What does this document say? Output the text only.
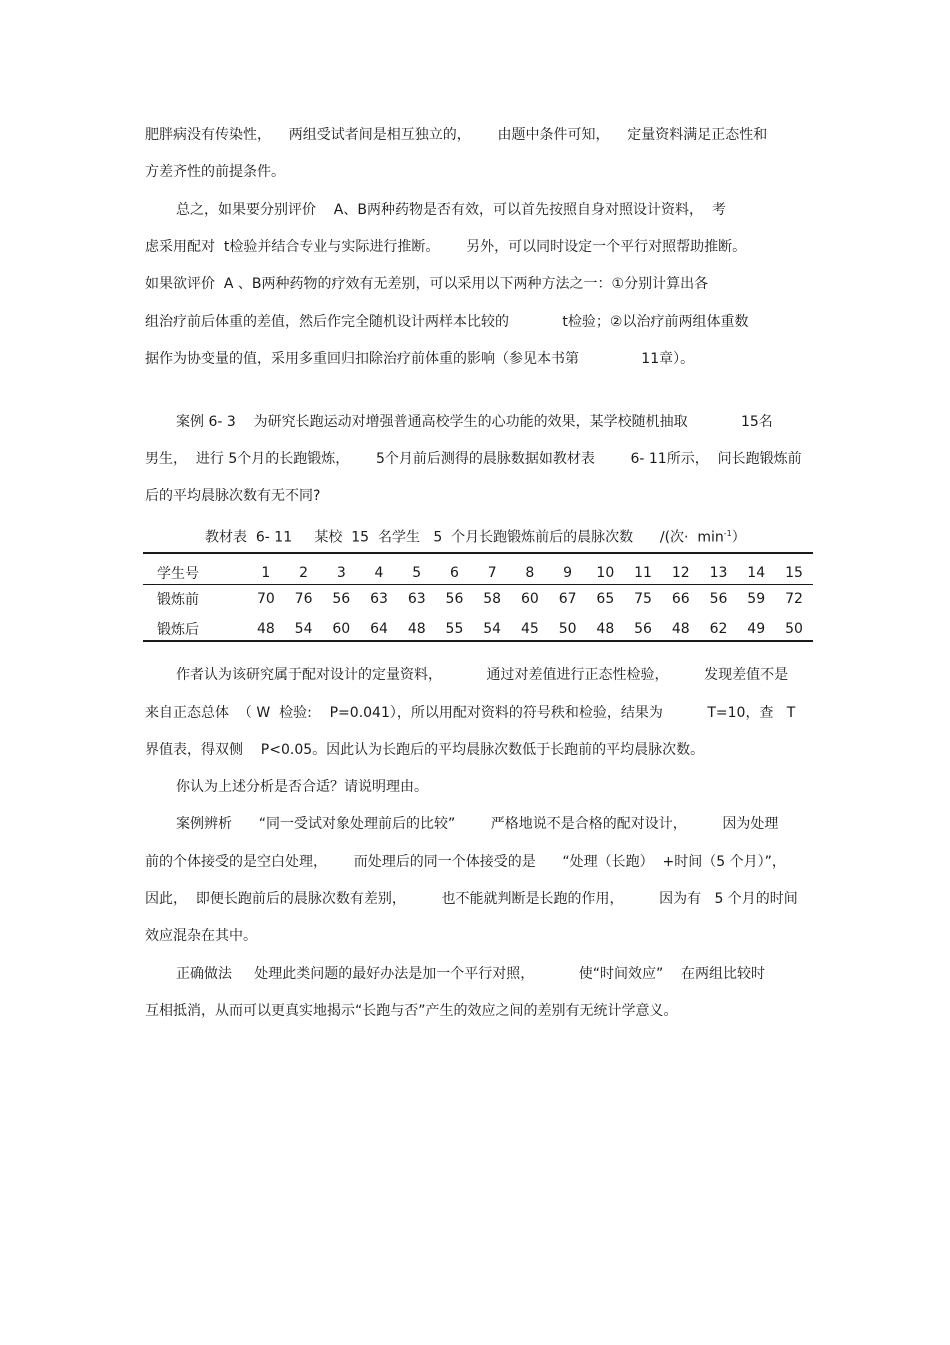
肥胖病没有传染性，    两组受试者间是相互独立的，      由题中条件可知，    定量资料满足正态性和
方差齐性的前提条件。
总之，如果要分别评价    A、B两种药物是否有效，可以首先按照自身对照设计资料，  考
虑采用配对  t检验并结合专业与实际进行推断。      另外，可以同时设定一个平行对照帮助推断。
如果欲评价  A 、B两种药物的疗效有无差别，可以采用以下两种方法之一：①分别计算出各
组治疗前后体重的差值，然后作完全随机设计两样本比较的            t检验；②以治疗前两组体重数
据作为协变量的值，采用多重回归扣除治疗前体重的影响（参见本书第              11章）。
案例 6- 3    为研究长跑运动对增强普通高校学生的心功能的效果，某学校随机抽取            15名
男生，  进行 5个月的长跑锻炼，      5个月前后测得的晨脉数据如教材表        6- 11所示，  问长跑锻炼前
后的平均晨脉次数有无不同?
教材表  6- 11     某校  15  名学生   5  个月长跑锻炼前后的晨脉次数      /(次·  $\min^{-1}$）
学生号	1	2	3	4	5	6	7	8	9	10	11	12	13	14	15
锻炼前	70	76	56	63	63	56	58	60	67	65	75	66	56	59	72
锻炼后	48	54	60	64	48	55	54	45	50	48	56	48	62	49	50
作者认为该研究属于配对设计的定量资料，          通过对差值进行正态性检验，        发现差值不是
来自正态总体  （ W  检验:    P=0.041），所以用配对资料的符号秩和检验，结果为          T=10，查   T
界值表，得双侧    P<0.05。因此认为长跑后的平均晨脉次数低于长跑前的平均晨脉次数。
你认为上述分析是否合适？请说明理由。
案例辨析      “同一受试对象处理前后的比较”        严格地说不是合格的配对设计，        因为处理
前的个体接受的是空白处理，      而处理后的同一个体接受的是      “处理（长跑）  +时间（5 个月）”，
因此，  即便长跑前后的晨脉次数有差别，        也不能就判断是长跑的作用，        因为有   5 个月的时间
效应混杂在其中。
正确做法     处理此类问题的最好办法是加一个平行对照，          使“时间效应”    在两组比较时
互相抵消，从而可以更真实地揭示“长跑与否”产生的效应之间的差别有无统计学意义。
